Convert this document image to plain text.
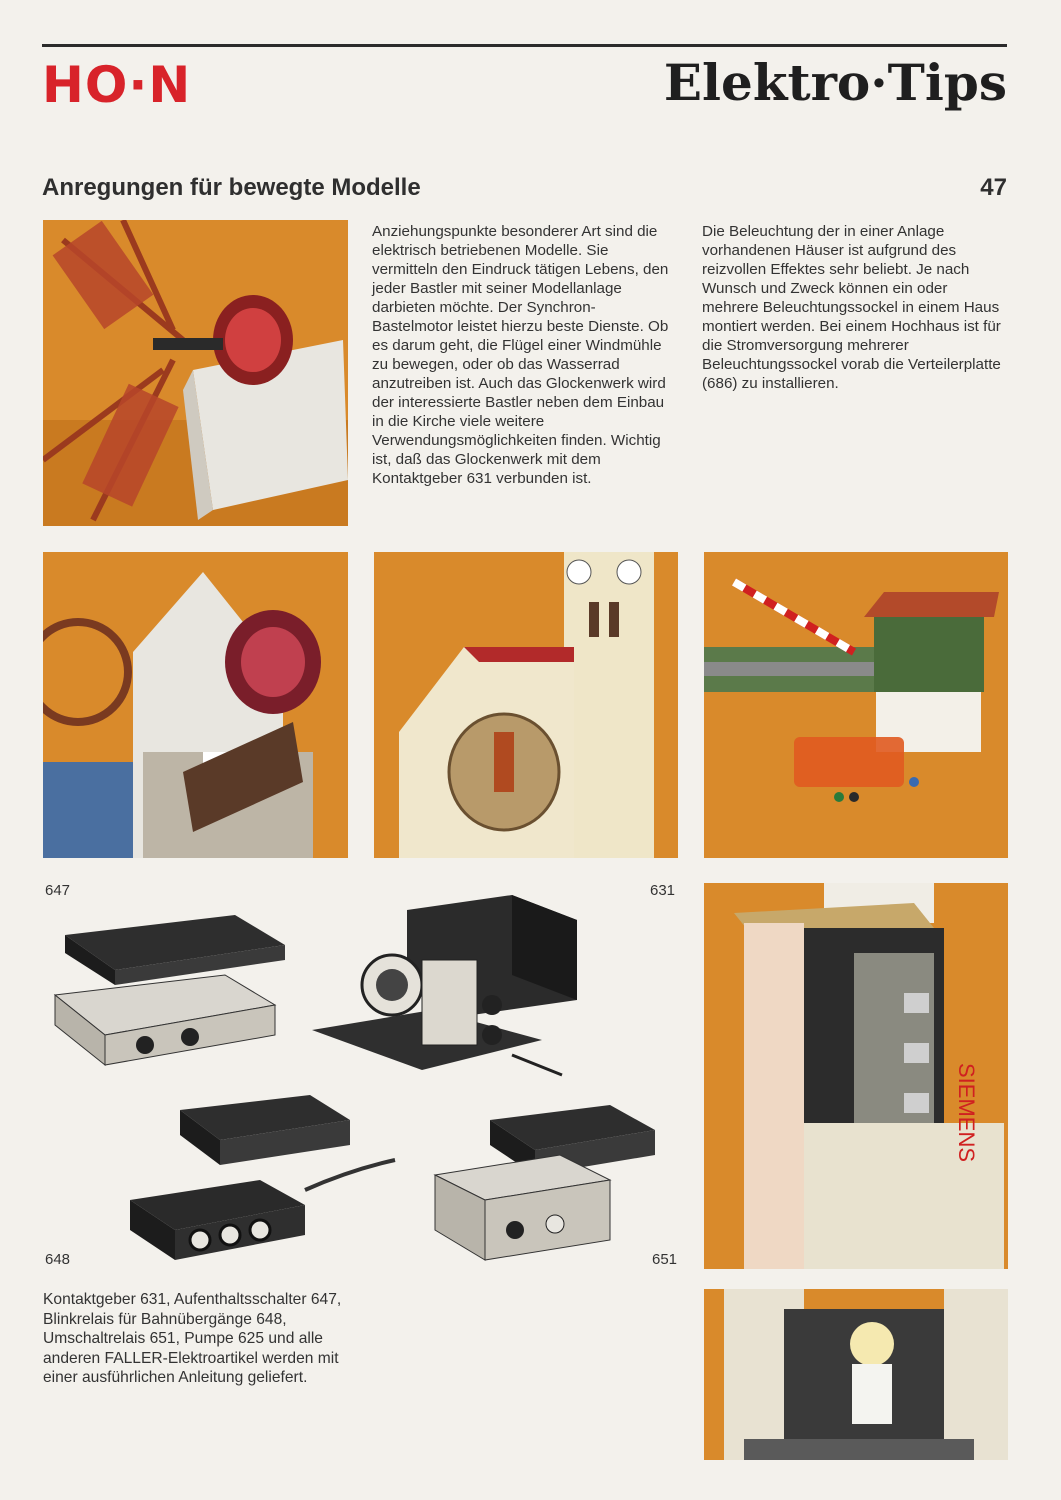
HO·N	Elektro·Tips
Anregungen für bewegte Modelle	47
Anziehungspunkte besonderer Art sind die elektrisch betriebenen Modelle. Sie vermitteln den Eindruck tätigen Lebens, den jeder Bastler mit seiner Modellanlage darbieten möchte. Der Synchron-Bastelmotor leistet hierzu beste Dienste. Ob es darum geht, die Flügel einer Windmühle zu bewegen, oder ob das Wasserrad anzutreiben ist. Auch das Glockenwerk wird der interessierte Bastler neben dem Einbau in die Kirche viele weitere Verwendungsmöglichkeiten finden. Wichtig ist, daß das Glockenwerk mit dem Kontaktgeber 631 verbunden ist.
Die Beleuchtung der in einer Anlage vorhandenen Häuser ist aufgrund des reizvollen Effektes sehr beliebt. Je nach Wunsch und Zweck können ein oder mehrere Beleuchtungssockel in einem Haus montiert werden. Bei einem Hochhaus ist für die Stromversorgung mehrerer Beleuchtungssockel vorab die Verteilerplatte (686) zu installieren.
647	631
648	651
Kontaktgeber 631, Aufenthaltsschalter 647, Blinkrelais für Bahnübergänge 648, Umschaltrelais 651, Pumpe 625 und alle anderen FALLER-Elektroartikel werden mit einer ausführlichen Anleitung geliefert.
SIEMENS
